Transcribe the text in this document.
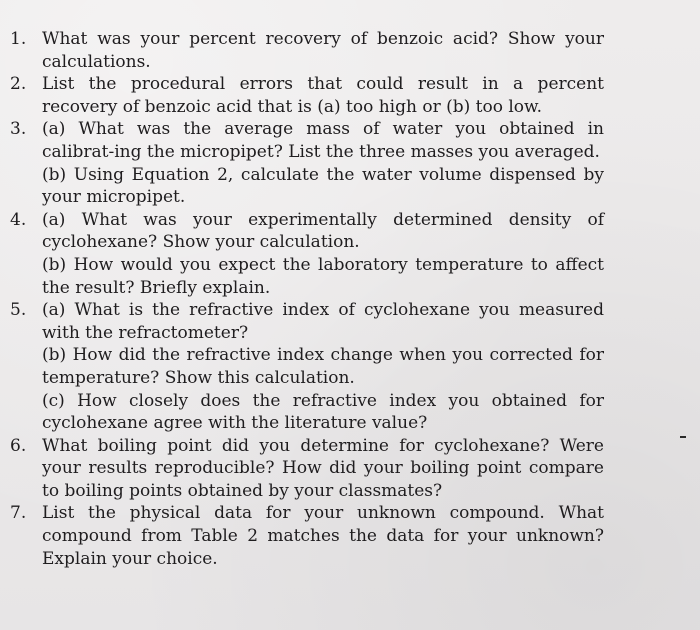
1. What was your percent recovery of benzoic acid? Show your calculations.
2. List the procedural errors that could result in a percent recovery of benzoic acid that is (a) too high or (b) too low.
3. (a) What was the average mass of water you obtained in calibrat-ing the micropipet? List the three masses you averaged.
(b) Using Equation 2, calculate the water volume dispensed by your micropipet.
4. (a) What was your experimentally determined density of cyclohexane? Show your calculation.
(b) How would you expect the laboratory temperature to affect the result? Briefly explain.
5. (a) What is the refractive index of cyclohexane you measured with the refractometer?
(b) How did the refractive index change when you corrected for temperature? Show this calculation.
(c) How closely does the refractive index you obtained for cyclohexane agree with the literature value?
6. What boiling point did you determine for cyclohexane? Were your results reproducible? How did your boiling point compare to boiling points obtained by your classmates?
7. List the physical data for your unknown compound. What compound from Table 2 matches the data for your unknown? Explain your choice.
